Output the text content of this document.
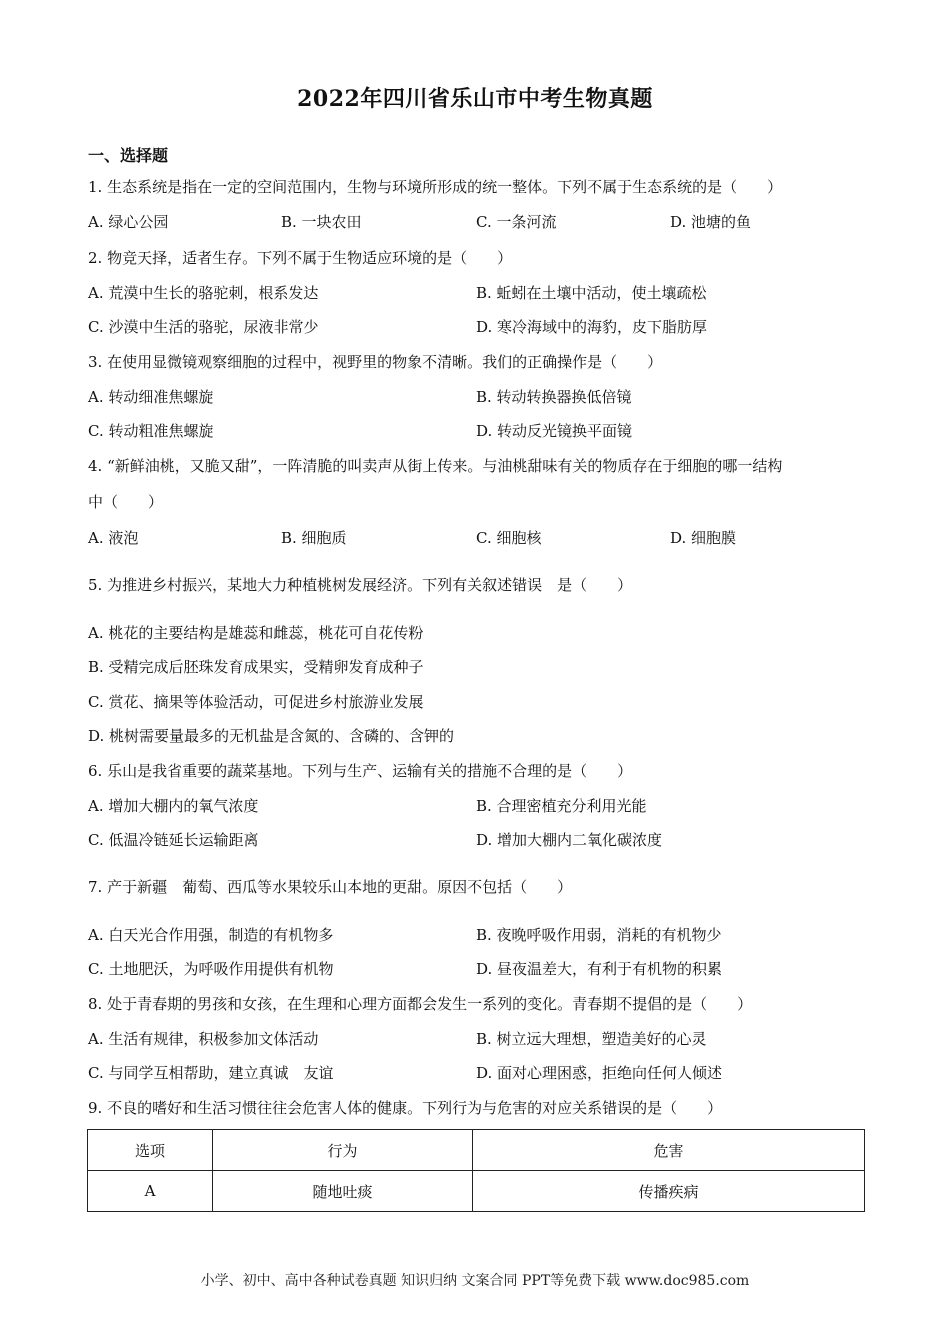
2022年四川省乐山市中考生物真题
一、选择题
1. 生态系统是指在一定的空间范围内，生物与环境所形成的统一整体。下列不属于生态系统的是（　　）
A. 绿心公园	B. 一块农田	C. 一条河流	D. 池塘的鱼
2. 物竞天择，适者生存。下列不属于生物适应环境的是（　　）
A. 荒漠中生长的骆驼刺，根系发达	B. 蚯蚓在土壤中活动，使土壤疏松
C. 沙漠中生活的骆驼，尿液非常少	D. 寒冷海域中的海豹，皮下脂肪厚
3. 在使用显微镜观察细胞的过程中，视野里的物象不清晰。我们的正确操作是（　　）
A. 转动细准焦螺旋	B. 转动转换器换低倍镜
C. 转动粗准焦螺旋	D. 转动反光镜换平面镜
4. “新鲜油桃，又脆又甜”，一阵清脆的叫卖声从街上传来。与油桃甜味有关的物质存在于细胞的哪一结构
中（　　）
A. 液泡	B. 细胞质	C. 细胞核	D. 细胞膜
5. 为推进乡村振兴，某地大力种植桃树发展经济。下列有关叙述错误　是（　　）
A. 桃花的主要结构是雄蕊和雌蕊，桃花可自花传粉
B. 受精完成后胚珠发育成果实，受精卵发育成种子
C. 赏花、摘果等体验活动，可促进乡村旅游业发展
D. 桃树需要量最多的无机盐是含氮的、含磷的、含钾的
6. 乐山是我省重要的蔬菜基地。下列与生产、运输有关的措施不合理的是（　　）
A. 增加大棚内的氧气浓度	B. 合理密植充分利用光能
C. 低温冷链延长运输距离	D. 增加大棚内二氧化碳浓度
7. 产于新疆　葡萄、西瓜等水果较乐山本地的更甜。原因不包括（　　）
A. 白天光合作用强，制造的有机物多	B. 夜晚呼吸作用弱，消耗的有机物少
C. 土地肥沃，为呼吸作用提供有机物	D. 昼夜温差大，有利于有机物的积累
8. 处于青春期的男孩和女孩，在生理和心理方面都会发生一系列的变化。青春期不提倡的是（　　）
A. 生活有规律，积极参加文体活动	B. 树立远大理想，塑造美好的心灵
C. 与同学互相帮助，建立真诚　友谊	D. 面对心理困惑，拒绝向任何人倾述
9. 不良的嗜好和生活习惯往往会危害人体的健康。下列行为与危害的对应关系错误的是（　　）
选项	行为	危害
A	随地吐痰	传播疾病
小学、初中、高中各种试卷真题 知识归纳 文案合同 PPT等免费下载 www.doc985.com
